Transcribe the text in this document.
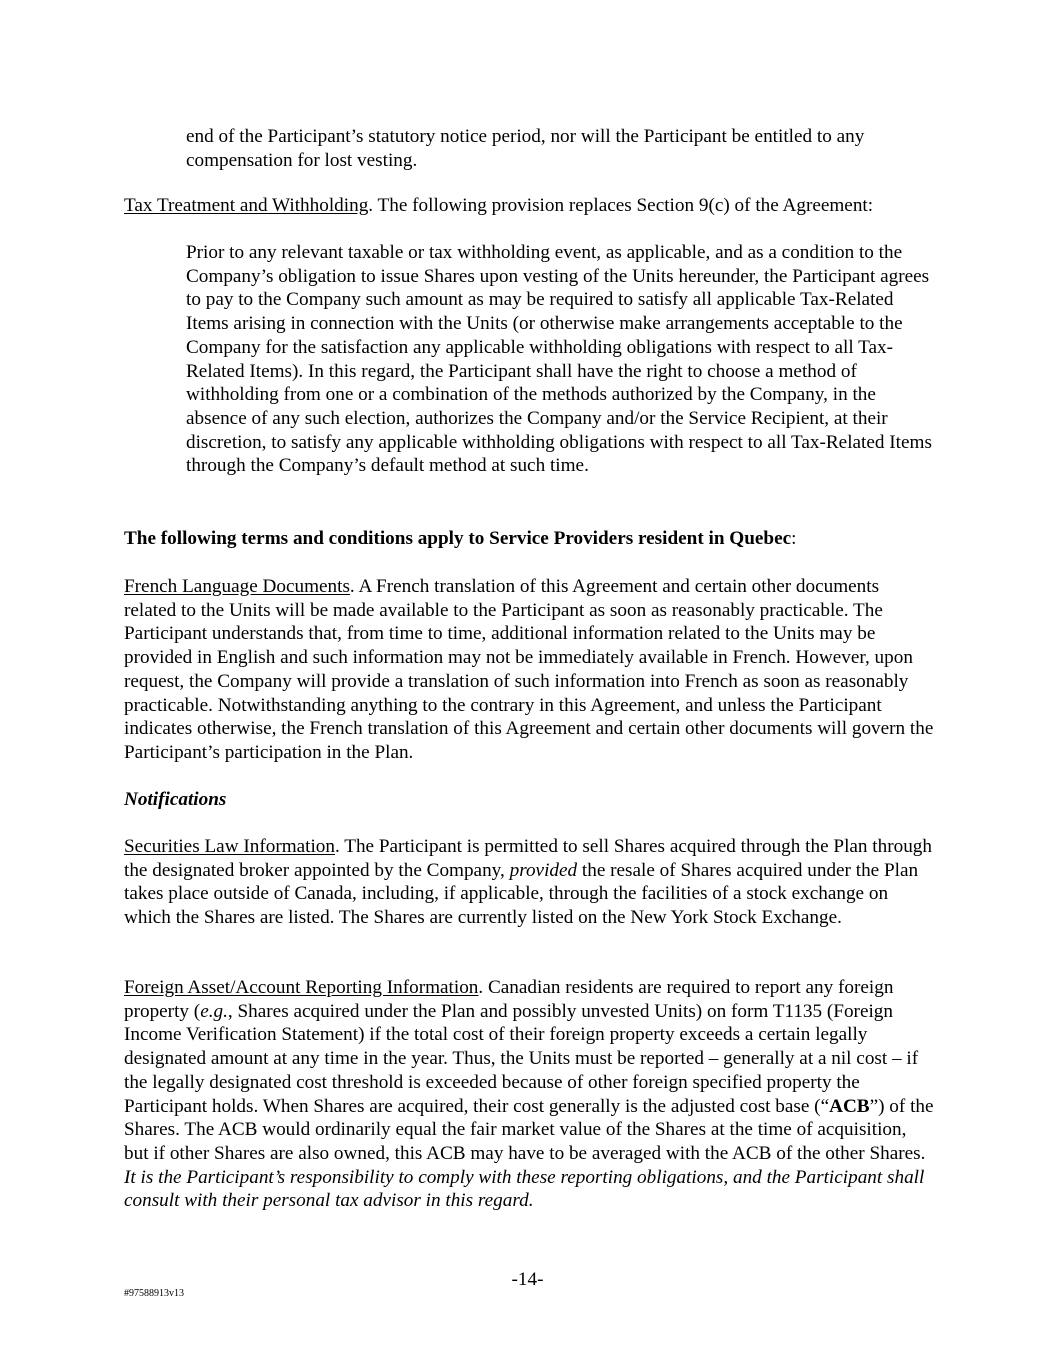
end of the Participant’s statutory notice period, nor will the Participant be entitled to any compensation for lost vesting.

Tax Treatment and Withholding. The following provision replaces Section 9(c) of the Agreement:

Prior to any relevant taxable or tax withholding event, as applicable, and as a condition to the Company’s obligation to issue Shares upon vesting of the Units hereunder, the Participant agrees to pay to the Company such amount as may be required to satisfy all applicable Tax-Related Items arising in connection with the Units (or otherwise make arrangements acceptable to the Company for the satisfaction any applicable withholding obligations with respect to all Tax-Related Items). In this regard, the Participant shall have the right to choose a method of withholding from one or a combination of the methods authorized by the Company, in the absence of any such election, authorizes the Company and/or the Service Recipient, at their discretion, to satisfy any applicable withholding obligations with respect to all Tax-Related Items through the Company’s default method at such time.

The following terms and conditions apply to Service Providers resident in Quebec:

French Language Documents. A French translation of this Agreement and certain other documents related to the Units will be made available to the Participant as soon as reasonably practicable. The Participant understands that, from time to time, additional information related to the Units may be provided in English and such information may not be immediately available in French. However, upon request, the Company will provide a translation of such information into French as soon as reasonably practicable. Notwithstanding anything to the contrary in this Agreement, and unless the Participant indicates otherwise, the French translation of this Agreement and certain other documents will govern the Participant’s participation in the Plan.

Notifications

Securities Law Information. The Participant is permitted to sell Shares acquired through the Plan through the designated broker appointed by the Company, provided the resale of Shares acquired under the Plan takes place outside of Canada, including, if applicable, through the facilities of a stock exchange on which the Shares are listed. The Shares are currently listed on the New York Stock Exchange.

Foreign Asset/Account Reporting Information. Canadian residents are required to report any foreign property (e.g., Shares acquired under the Plan and possibly unvested Units) on form T1135 (Foreign Income Verification Statement) if the total cost of their foreign property exceeds a certain legally designated amount at any time in the year. Thus, the Units must be reported – generally at a nil cost – if the legally designated cost threshold is exceeded because of other foreign specified property the Participant holds. When Shares are acquired, their cost generally is the adjusted cost base (“ACB”) of the Shares. The ACB would ordinarily equal the fair market value of the Shares at the time of acquisition, but if other Shares are also owned, this ACB may have to be averaged with the ACB of the other Shares. It is the Participant’s responsibility to comply with these reporting obligations, and the Participant shall consult with their personal tax advisor in this regard.

-14-
#97588913v13
